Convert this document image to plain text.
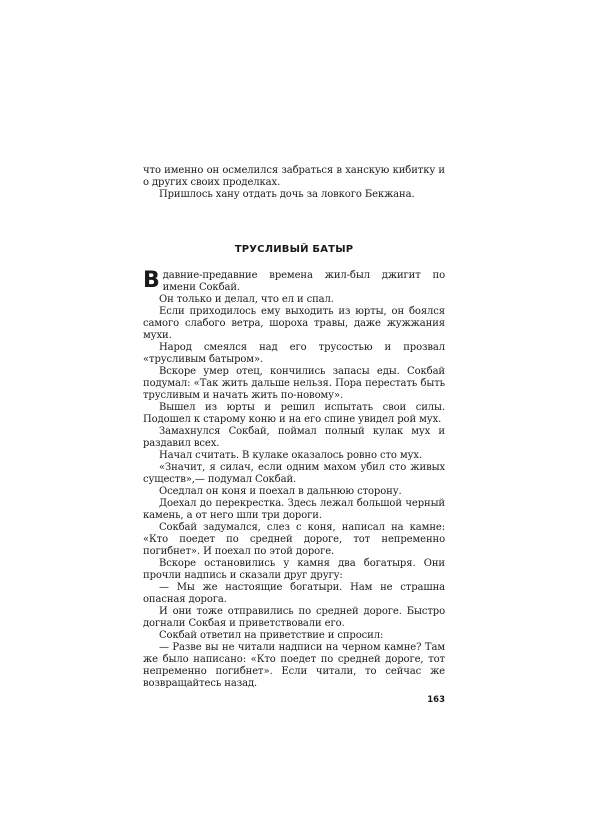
что именно он осмелился забраться в ханскую кибитку и о других своих проделках.

Пришлось хану отдать дочь за ловкого Бекжана.

ТРУСЛИВЫЙ БАТЫР

Вдавние-предавние времена жил-был джигит по имени Сокбай.

Он только и делал, что ел и спал.

Если приходилось ему выходить из юрты, он боялся самого слабого ветра, шороха травы, даже жужжания мухи.

Народ смеялся над его трусостью и прозвал «трусливым батыром».

Вскоре умер отец, кончились запасы еды. Сокбай подумал: «Так жить дальше нельзя. Пора перестать быть трусливым и начать жить по-новому».

Вышел из юрты и решил испытать свои силы. Подошел к старому коню и на его спине увидел рой мух.

Замахнулся Сокбай, поймал полный кулак мух и раздавил всех.

Начал считать. В кулаке оказалось ровно сто мух.

«Значит, я силач, если одним махом убил сто живых существ»,— подумал Сокбай.

Оседлал он коня и поехал в дальнюю сторону.

Доехал до перекрестка. Здесь лежал большой черный камень, а от него шли три дороги.

Сокбай задумался, слез с коня, написал на камне: «Кто поедет по средней дороге, тот непременно погибнет». И поехал по этой дороге.

Вскоре остановились у камня два богатыря. Они прочли надпись и сказали друг другу:

— Мы же настоящие богатыри. Нам не страшна опасная дорога.

И они тоже отправились по средней дороге. Быстро догнали Сокбая и приветствовали его.

Сокбай ответил на приветствие и спросил:

— Разве вы не читали надписи на черном камне? Там же было написано: «Кто поедет по средней дороге, тот непременно погибнет». Если читали, то сейчас же возвращайтесь назад.

163
